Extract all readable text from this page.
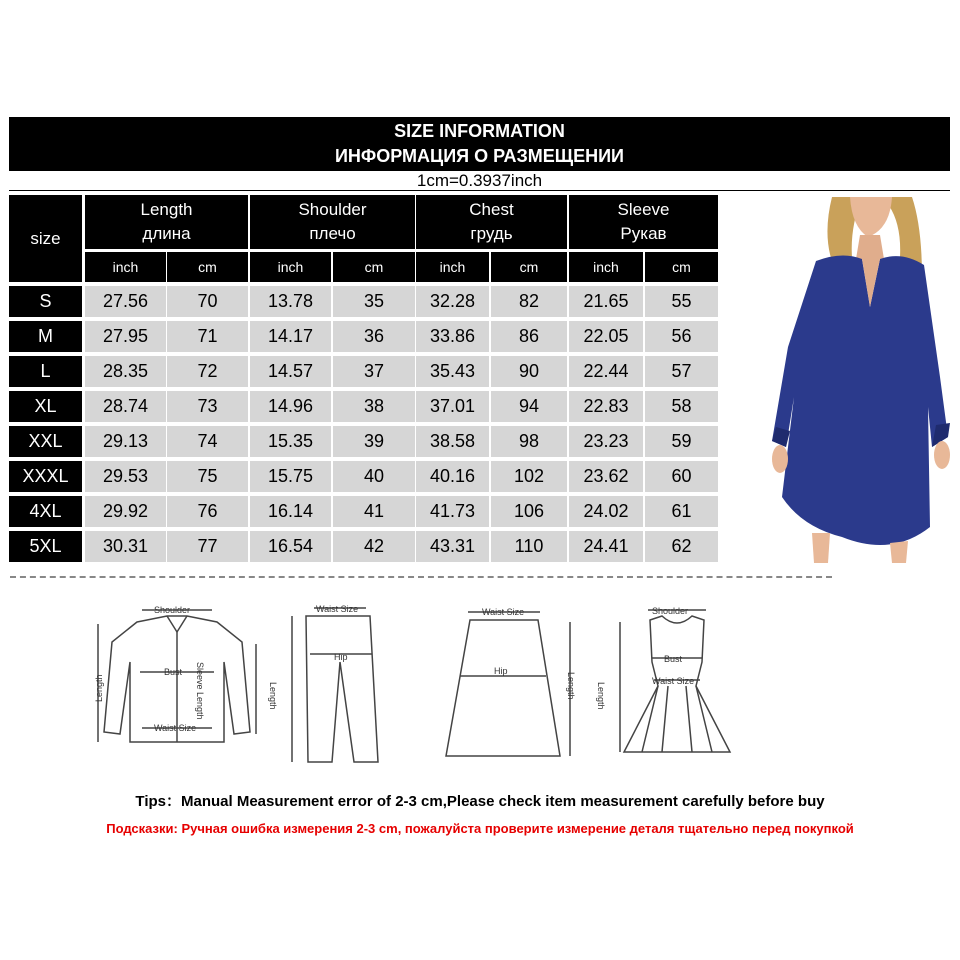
SIZE INFORMATION
ИНФОРМАЦИЯ О РАЗМЕЩЕНИИ
1cm=0.3937inch
size
Length
длина
Shoulder
плечо
Chest
грудь
Sleeve
Рукав
inch	cm	inch	cm	inch	cm	inch	cm
S	27.56	70	13.78	35	32.28	82	21.65	55
M	27.95	71	14.17	36	33.86	86	22.05	56
L	28.35	72	14.57	37	35.43	90	22.44	57
XL	28.74	73	14.96	38	37.01	94	22.83	58
XXL	29.13	74	15.35	39	38.58	98	23.23	59
XXXL	29.53	75	15.75	40	40.16	102	23.62	60
4XL	29.92	76	16.14	41	41.73	106	24.02	61
5XL	30.31	77	16.54	42	43.31	110	24.41	62
Shoulder
Bust
Waist Size
Length	Sleeve Length
Waist Size
Hip
Length
Waist Size
Hip
Length
Shoulder
Bust
Waist Size
Length
Tips：Manual Measurement error of 2-3 cm,Please check item measurement carefully before buy
Подсказки: Ручная ошибка измерения 2-3 cm, пожалуйста проверите измерение деталя тщательно перед покупкой
